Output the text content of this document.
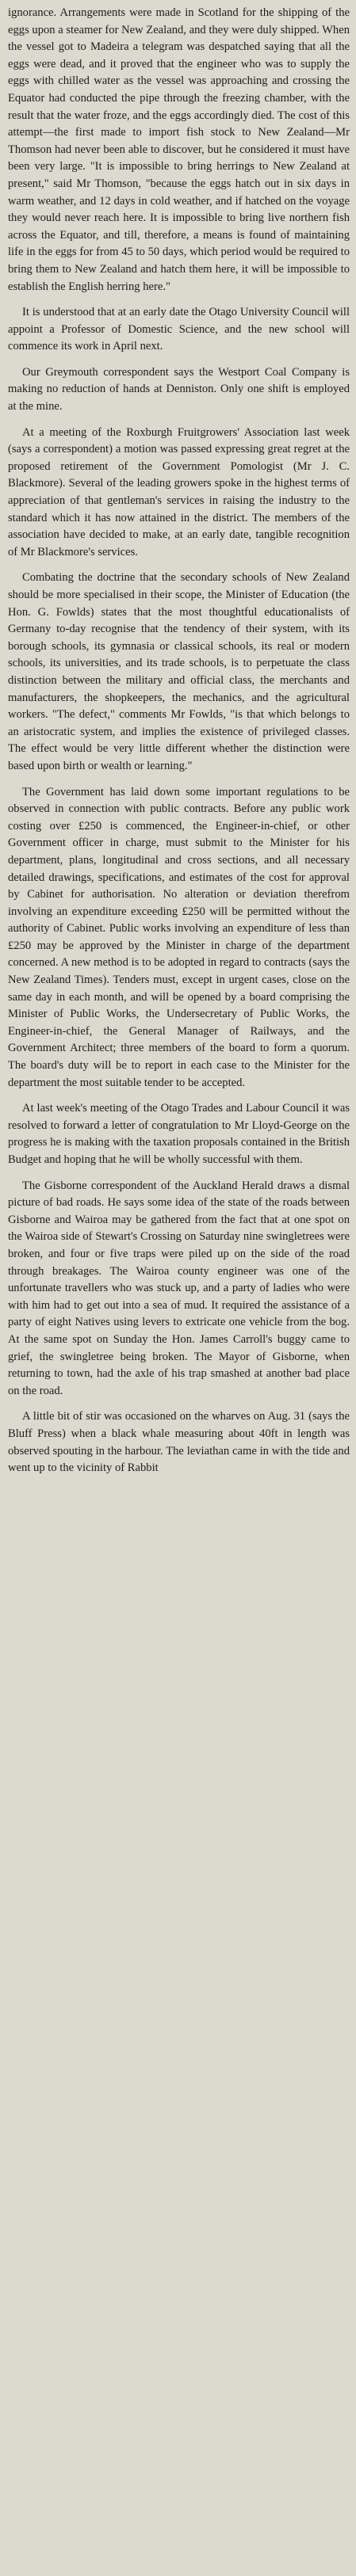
ignorance. Arrangements were made in Scotland for the shipping of the eggs upon a steamer for New Zealand, and they were duly shipped. When the vessel got to Madeira a telegram was despatched saying that all the eggs were dead, and it proved that the engineer who was to supply the eggs with chilled water as the vessel was approaching and crossing the Equator had conducted the pipe through the freezing chamber, with the result that the water froze, and the eggs accordingly died. The cost of this attempt—the first made to import fish stock to New Zealand—Mr Thomson had never been able to discover, but he considered it must have been very large. "It is impossible to bring herrings to New Zealand at present," said Mr Thomson, "because the eggs hatch out in six days in warm weather, and 12 days in cold weather, and if hatched on the voyage they would never reach here. It is impossible to bring live northern fish across the Equator, and till, therefore, a means is found of maintaining life in the eggs for from 45 to 50 days, which period would be required to bring them to New Zealand and hatch them here, it will be impossible to establish the English herring here."

It is understood that at an early date the Otago University Council will appoint a Professor of Domestic Science, and the new school will commence its work in April next.

Our Greymouth correspondent says the Westport Coal Company is making no reduction of hands at Denniston. Only one shift is employed at the mine.

At a meeting of the Roxburgh Fruitgrowers' Association last week (says a correspondent) a motion was passed expressing great regret at the proposed retirement of the Government Pomologist (Mr J. C. Blackmore). Several of the leading growers spoke in the highest terms of appreciation of that gentleman's services in raising the industry to the standard which it has now attained in the district. The members of the association have decided to make, at an early date, tangible recognition of Mr Blackmore's services.

Combating the doctrine that the secondary schools of New Zealand should be more specialised in their scope, the Minister of Education (the Hon. G. Fowlds) states that the most thoughtful educationalists of Germany to-day recognise that the tendency of their system, with its borough schools, its gymnasia or classical schools, its real or modern schools, its universities, and its trade schools, is to perpetuate the class distinction between the military and official class, the merchants and manufacturers, the shopkeepers, the mechanics, and the agricultural workers. "The defect," comments Mr Fowlds, "is that which belongs to an aristocratic system, and implies the existence of privileged classes. The effect would be very little different whether the distinction were based upon birth or wealth or learning."

The Government has laid down some important regulations to be observed in connection with public contracts. Before any public work costing over £250 is commenced, the Engineer-in-chief, or other Government officer in charge, must submit to the Minister for his department, plans, longitudinal and cross sections, and all necessary detailed drawings, specifications, and estimates of the cost for approval by Cabinet for authorisation. No alteration or deviation therefrom involving an expenditure exceeding £250 will be permitted without the authority of Cabinet. Public works involving an expenditure of less than £250 may be approved by the Minister in charge of the department concerned. A new method is to be adopted in regard to contracts (says the New Zealand Times). Tenders must, except in urgent cases, close on the same day in each month, and will be opened by a board comprising the Minister of Public Works, the Undersecretary of Public Works, the Engineer-in-chief, the General Manager of Railways, and the Government Architect; three members of the board to form a quorum. The board's duty will be to report in each case to the Minister for the department the most suitable tender to be accepted.

At last week's meeting of the Otago Trades and Labour Council it was resolved to forward a letter of congratulation to Mr Lloyd-George on the progress he is making with the taxation proposals contained in the British Budget and hoping that he will be wholly successful with them.

The Gisborne correspondent of the Auckland Herald draws a dismal picture of bad roads. He says some idea of the state of the roads between Gisborne and Wairoa may be gathered from the fact that at one spot on the Wairoa side of Stewart's Crossing on Saturday nine swingletrees were broken, and four or five traps were piled up on the side of the road through breakages. The Wairoa county engineer was one of the unfortunate travellers who was stuck up, and a party of ladies who were with him had to get out into a sea of mud. It required the assistance of a party of eight Natives using levers to extricate one vehicle from the bog. At the same spot on Sunday the Hon. James Carroll's buggy came to grief, the swingletree being broken. The Mayor of Gisborne, when returning to town, had the axle of his trap smashed at another bad place on the road.

A little bit of stir was occasioned on the wharves on Aug. 31 (says the Bluff Press) when a black whale measuring about 40ft in length was observed spouting in the harbour. The leviathan came in with the tide and went up to the vicinity of Rabbit
